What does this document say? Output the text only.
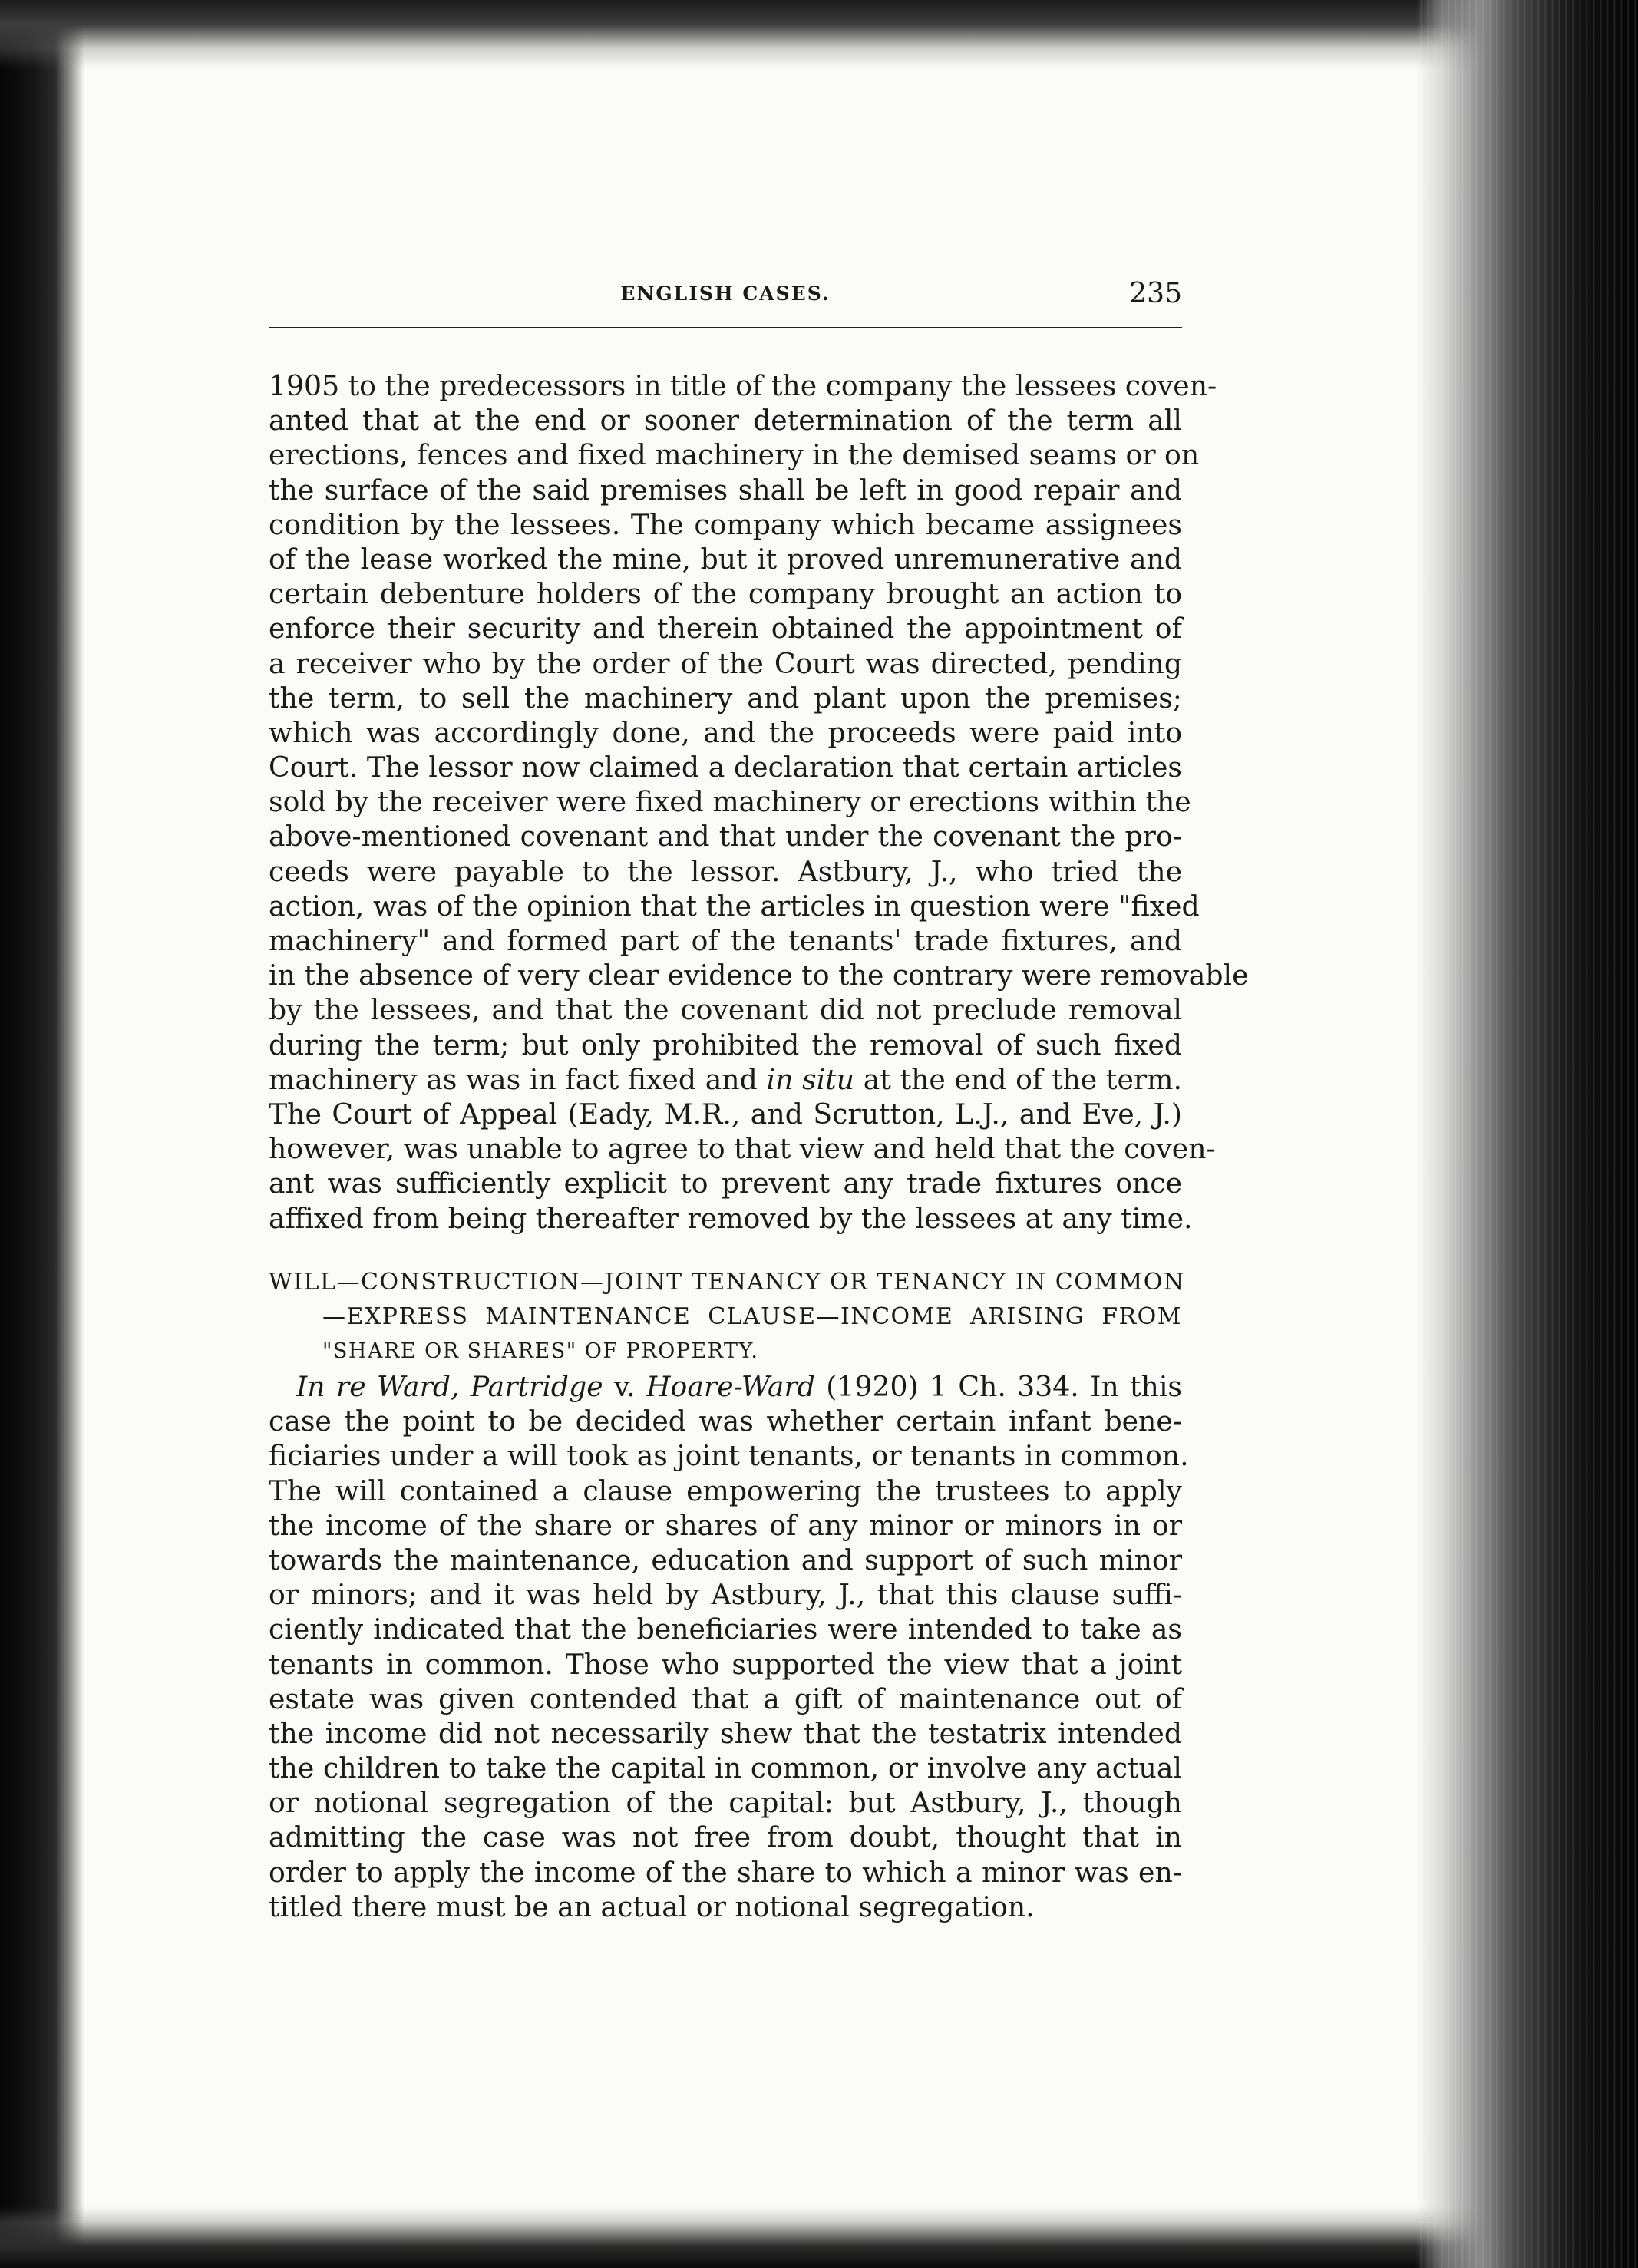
ENGLISH CASES.	235
1905 to the predecessors in title of the company the lessees coven-
anted that at the end or sooner determination of the term all
erections, fences and fixed machinery in the demised seams or on
the surface of the said premises shall be left in good repair and
condition by the lessees. The company which became assignees
of the lease worked the mine, but it proved unremunerative and
certain debenture holders of the company brought an action to
enforce their security and therein obtained the appointment of
a receiver who by the order of the Court was directed, pending
the term, to sell the machinery and plant upon the premises;
which was accordingly done, and the proceeds were paid into
Court. The lessor now claimed a declaration that certain articles
sold by the receiver were fixed machinery or erections within the
above-mentioned covenant and that under the covenant the pro-
ceeds were payable to the lessor. Astbury, J., who tried the
action, was of the opinion that the articles in question were "fixed
machinery" and formed part of the tenants' trade fixtures, and
in the absence of very clear evidence to the contrary were removable
by the lessees, and that the covenant did not preclude removal
during the term; but only prohibited the removal of such fixed
machinery as was in fact fixed and in situ at the end of the term.
The Court of Appeal (Eady, M.R., and Scrutton, L.J., and Eve, J.)
however, was unable to agree to that view and held that the coven-
ant was sufficiently explicit to prevent any trade fixtures once
affixed from being thereafter removed by the lessees at any time.
WILL—CONSTRUCTION—JOINT TENANCY OR TENANCY IN COMMON
—EXPRESS MAINTENANCE CLAUSE—INCOME ARISING FROM
"SHARE OR SHARES" OF PROPERTY.
In re Ward, Partridge v. Hoare-Ward (1920) 1 Ch. 334. In this
case the point to be decided was whether certain infant bene-
ficiaries under a will took as joint tenants, or tenants in common.
The will contained a clause empowering the trustees to apply
the income of the share or shares of any minor or minors in or
towards the maintenance, education and support of such minor
or minors; and it was held by Astbury, J., that this clause suffi-
ciently indicated that the beneficiaries were intended to take as
tenants in common. Those who supported the view that a joint
estate was given contended that a gift of maintenance out of
the income did not necessarily shew that the testatrix intended
the children to take the capital in common, or involve any actual
or notional segregation of the capital: but Astbury, J., though
admitting the case was not free from doubt, thought that in
order to apply the income of the share to which a minor was en-
titled there must be an actual or notional segregation.
